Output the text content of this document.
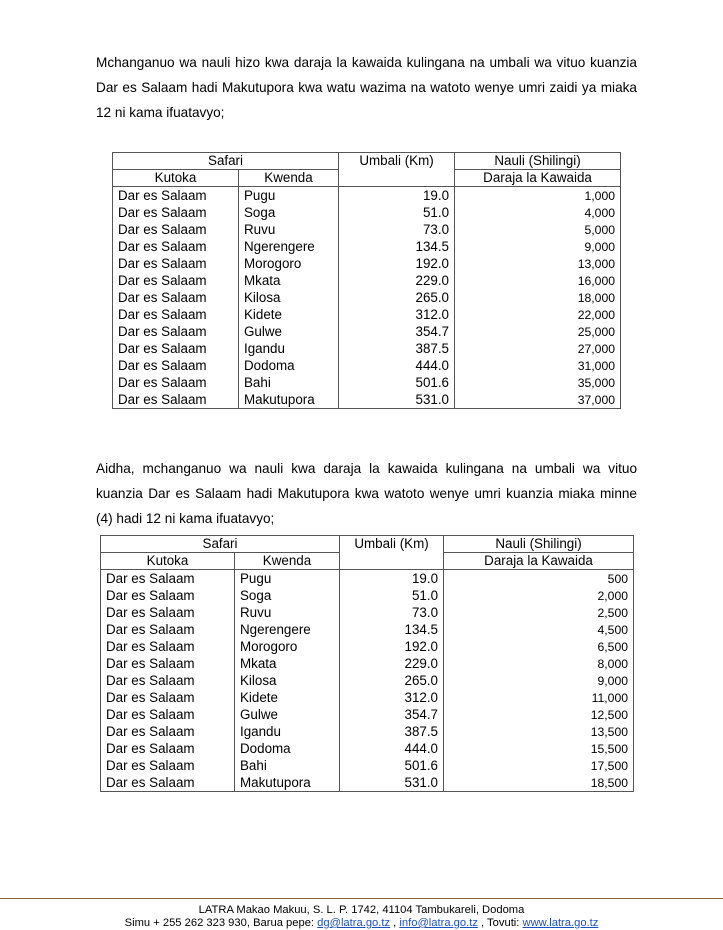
Mchanganuo wa nauli hizo kwa daraja la kawaida kulingana na umbali wa vituo kuanzia Dar es Salaam hadi Makutupora kwa watu wazima na watoto wenye umri zaidi ya miaka 12 ni kama ifuatavyo;

Safari		Umbali (Km)	Nauli (Shilingi)
Kutoka	Kwenda		Daraja la Kawaida
Dar es Salaam	Pugu	19.0	1,000
Dar es Salaam	Soga	51.0	4,000
Dar es Salaam	Ruvu	73.0	5,000
Dar es Salaam	Ngerengere	134.5	9,000
Dar es Salaam	Morogoro	192.0	13,000
Dar es Salaam	Mkata	229.0	16,000
Dar es Salaam	Kilosa	265.0	18,000
Dar es Salaam	Kidete	312.0	22,000
Dar es Salaam	Gulwe	354.7	25,000
Dar es Salaam	Igandu	387.5	27,000
Dar es Salaam	Dodoma	444.0	31,000
Dar es Salaam	Bahi	501.6	35,000
Dar es Salaam	Makutupora	531.0	37,000

Aidha, mchanganuo wa nauli kwa daraja la kawaida kulingana na umbali wa vituo kuanzia Dar es Salaam hadi Makutupora kwa watoto wenye umri kuanzia miaka minne (4) hadi 12 ni kama ifuatavyo;

Safari		Umbali (Km)	Nauli (Shilingi)
Kutoka	Kwenda		Daraja la Kawaida
Dar es Salaam	Pugu	19.0	500
Dar es Salaam	Soga	51.0	2,000
Dar es Salaam	Ruvu	73.0	2,500
Dar es Salaam	Ngerengere	134.5	4,500
Dar es Salaam	Morogoro	192.0	6,500
Dar es Salaam	Mkata	229.0	8,000
Dar es Salaam	Kilosa	265.0	9,000
Dar es Salaam	Kidete	312.0	11,000
Dar es Salaam	Gulwe	354.7	12,500
Dar es Salaam	Igandu	387.5	13,500
Dar es Salaam	Dodoma	444.0	15,500
Dar es Salaam	Bahi	501.6	17,500
Dar es Salaam	Makutupora	531.0	18,500
LATRA Makao Makuu, S. L. P. 1742, 41104 Tambukareli, Dodoma
Simu + 255 262 323 930, Barua pepe: dg@latra.go.tz , info@latra.go.tz , Tovuti: www.latra.go.tz
